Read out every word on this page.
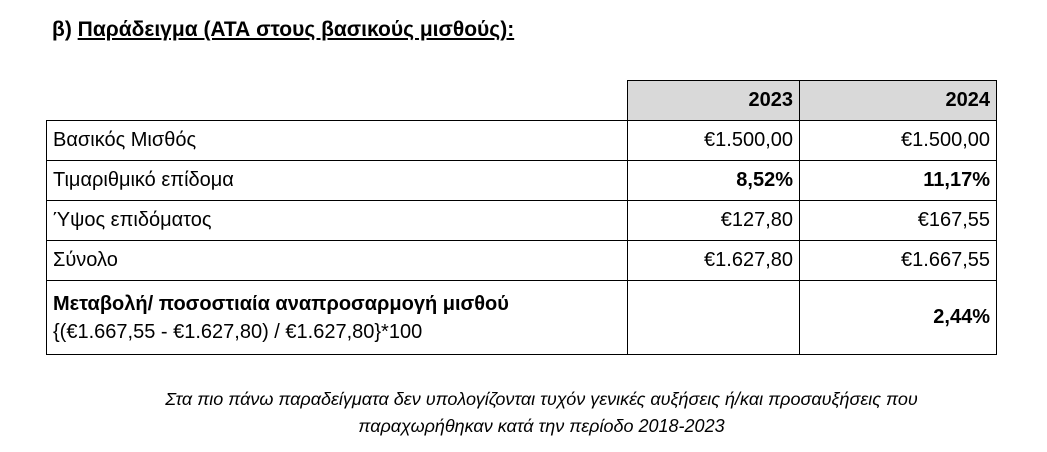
β) Παράδειγμα (ΑΤΑ στους βασικούς μισθούς):
	2023	2024
Βασικός Μισθός	€1.500,00	€1.500,00
Τιμαριθμικό επίδομα	8,52%	11,17%
Ύψος επιδόματος	€127,80	€167,55
Σύνολο	€1.627,80	€1.667,55

Μεταβολή/ ποσοστιαία αναπροσαρμογή μισθού
{(€1.667,55 - €1.627,80) / €1.627,80}*100		2,44%
Στα πιο πάνω παραδείγματα δεν υπολογίζονται τυχόν γενικές αυξήσεις ή/και προσαυξήσεις που
παραχωρήθηκαν κατά την περίοδο 2018-2023
